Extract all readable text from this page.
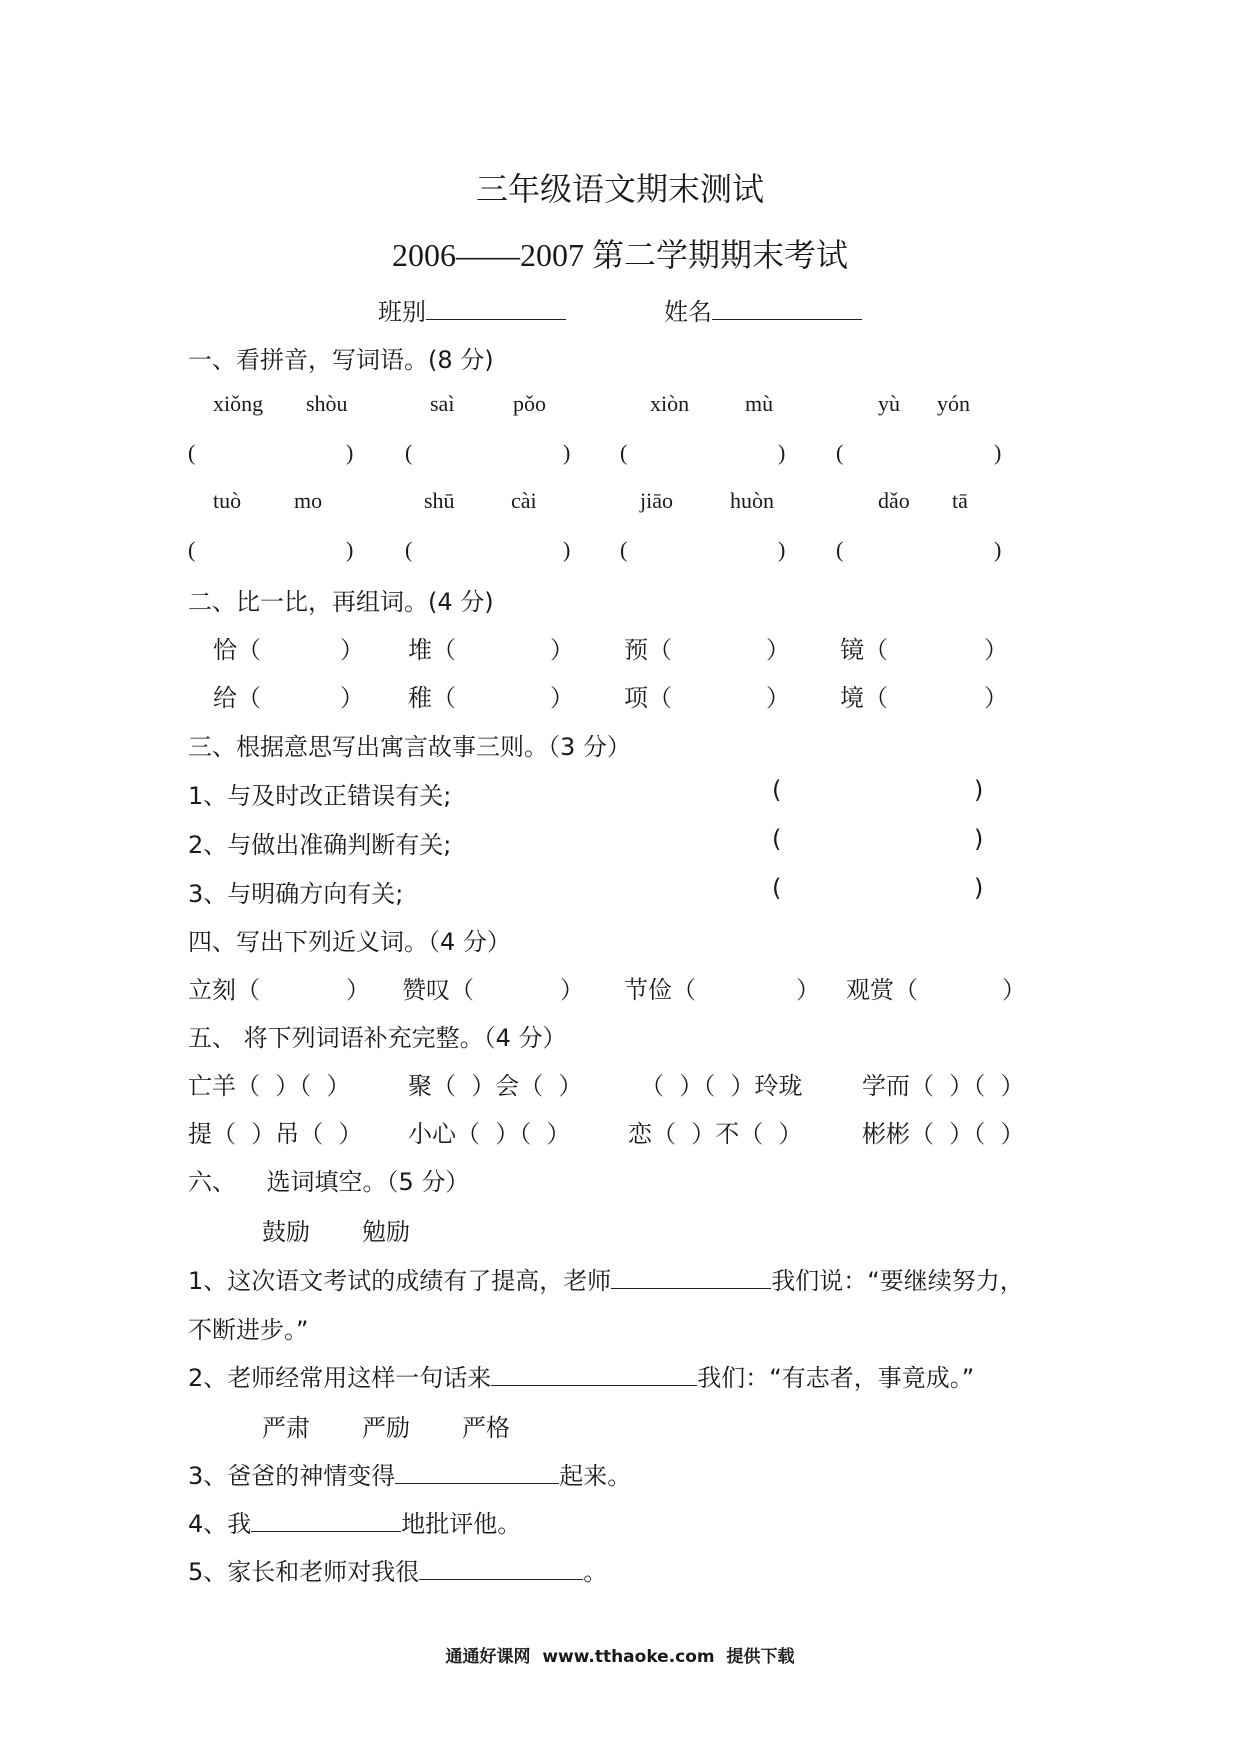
三年级语文期末测试
2006——2007 第二学期期末考试
班别	姓名
一、看拼音，写词语。(8 分)
xiǒng shòu	saì	pǒo	xiòn	mù	yù yón
(	) (	) (	) (	)
tuò mo	shū	cài	jiāo	huòn	dǎo tā
(	) (	) (	) (	)
二、比一比，再组词。(4 分)
恰（	） 堆（	） 预（	） 镜（	）
给（	） 稚（	） 项（	） 境（	）
三、根据意思写出寓言故事三则。（3 分）
1、与及时改正错误有关;	(	)
2、与做出准确判断有关;	(	)
3、与明确方向有关;	(	)
四、写出下列近义词。（4 分）
立刻（	） 赞叹（	） 节俭（	） 观赏（	）
五、 将下列词语补充完整。（4 分）
亡羊（  ）（  ） 聚（  ）会（  ） （  ）（  ）玲珑 学而（  ）（  ）
提（  ）吊（  ） 小心（  ）（  ） 恋（  ）不（  ） 彬彬（  ）（  ）
六、    选词填空。（5 分）
鼓励 勉励
1、这次语文考试的成绩有了提高，老师	我们说：“要继续努力，
不断进步。”
2、老师经常用这样一句话来	我们：“有志者，事竟成。”
严肃 严励 严格
3、爸爸的神情变得	起来。
4、我	地批评他。
5、家长和老师对我很	。
通通好课网  www.tthaoke.com  提供下载
